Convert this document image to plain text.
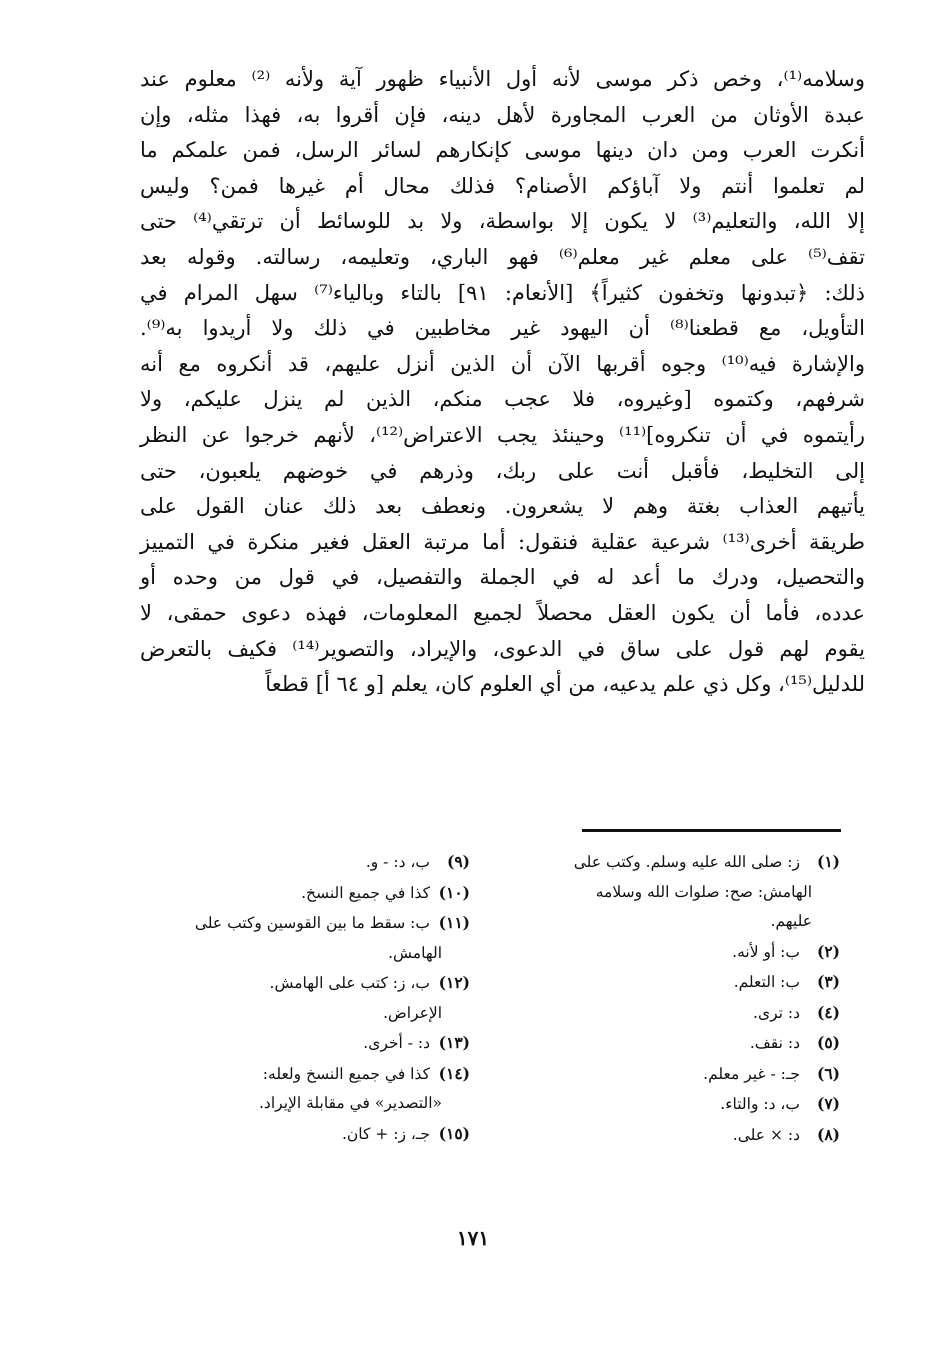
وسلامه⁽¹⁾، وخص ذكر موسى لأنه أول الأنبياء ظهور آية ولأنه ⁽²⁾ معلوم عند
عبدة الأوثان من العرب المجاورة لأهل دينه، فإن أقروا به، فهذا مثله، وإن
أنكرت العرب ومن دان دينها موسى كإنكارهم لسائر الرسل، فمن علمكم ما
لم تعلموا أنتم ولا آباؤكم الأصنام؟ فذلك محال أم غيرها فمن؟ وليس
إلا الله، والتعليم⁽³⁾ لا يكون إلا بواسطة، ولا بد للوسائط أن ترتقي⁽⁴⁾ حتى
تقف⁽⁵⁾ على معلم غير معلم⁽⁶⁾ فهو الباري، وتعليمه، رسالته. وقوله بعد
ذلك: ﴿تبدونها وتخفون كثيراً﴾ [الأنعام: ٩١] بالتاء وبالياء⁽⁷⁾ سهل المرام في
التأويل، مع قطعنا⁽⁸⁾ أن اليهود غير مخاطبين في ذلك ولا أريدوا به⁽⁹⁾.
والإشارة فيه⁽¹⁰⁾ وجوه أقربها الآن أن الذين أنزل عليهم، قد أنكروه مع أنه
شرفهم، وكتموه [وغيروه، فلا عجب منكم، الذين لم ينزل عليكم، ولا
رأيتموه في أن تنكروه]⁽¹¹⁾ وحينئذ يجب الاعتراض⁽¹²⁾، لأنهم خرجوا عن النظر
إلى التخليط، فأقبل أنت على ربك، وذرهم في خوضهم يلعبون، حتى
يأتيهم العذاب بغتة وهم لا يشعرون. ونعطف بعد ذلك عنان القول على
طريقة أخرى⁽¹³⁾ شرعية عقلية فنقول: أما مرتبة العقل فغير منكرة في التمييز
والتحصيل، ودرك ما أعد له في الجملة والتفصيل، في قول من وحده أو
عدده، فأما أن يكون العقل محصلاً لجميع المعلومات، فهذه دعوى حمقى، لا
يقوم لهم قول على ساق في الدعوى، والإيراد، والتصوير⁽¹⁴⁾ فكيف بالتعرض
للدليل⁽¹⁵⁾، وكل ذي علم يدعيه، من أي العلوم كان، يعلم [و ٦٤ أ] قطعاً
(١)ز: صلى الله عليه وسلم. وكتب على
الهامش: صح: صلوات الله وسلامه
عليهم.
(٢)ب: أو لأنه.
(٣)ب: التعلم.
(٤)د: ترى.
(٥)د: نقف.
(٦)جـ: - غير معلم.
(٧)ب، د: والتاء.
(٨)د: × على.
(٩)ب، د: - و.
(١٠)كذا في جميع النسخ.
(١١)ب: سقط ما بين القوسين وكتب على
الهامش.
(١٢)ب، ز: كتب على الهامش.
الإعراض.
(١٣)د: - أخرى.
(١٤)كذا في جميع النسخ ولعله:
«التصدير» في مقابلة الإيراد.
(١٥)جـ، ز: + كان.
١٧١
